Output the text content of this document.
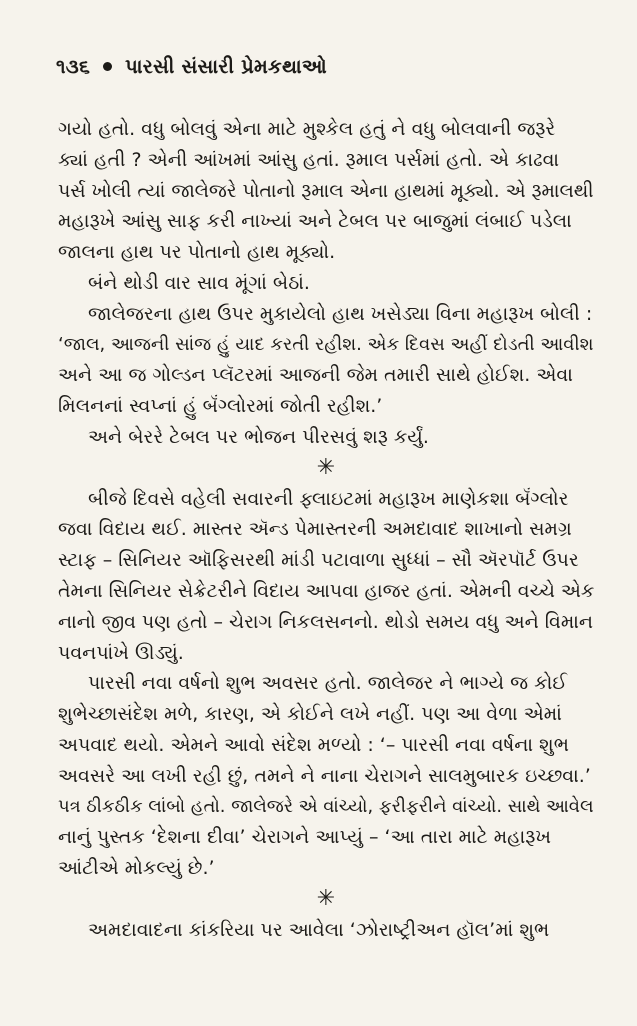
૧૩૬ પારસી સંસારી પ્રેમકથાઓ
ગયો હતો. વધુ બોલવું એના માટે મુશ્કેલ હતું ને વધુ બોલવાની જરૂરે
ક્યાં હતી ? એની આંખમાં આંસુ હતાં. રૂમાલ પર્સમાં હતો. એ કાઢવા
પર્સ ખોલી ત્યાં જાલેજરે પોતાનો રૂમાલ એના હાથમાં મૂક્યો. એ રૂમાલથી
મહારૂખે આંસુ સાફ કરી નાખ્યાં અને ટેબલ પર બાજુમાં લંબાઈ પડેલા
જાલના હાથ પર પોતાનો હાથ મૂક્યો.
બંને થોડી વાર સાવ મૂંગાં બેઠાં.
જાલેજરના હાથ ઉપર મુકાયેલો હાથ ખસેડ્યા વિના મહારૂખ બોલી :
‘જાલ, આજની સાંજ હું યાદ કરતી રહીશ. એક દિવસ અહીં દોડતી આવીશ
અને આ જ ગોલ્ડન પ્લૅટરમાં આજની જેમ તમારી સાથે હોઈશ. એવા
મિલનનાં સ્વપ્નાં હું બૅંગ્લોરમાં જોતી રહીશ.’
અને બેરરે ટેબલ પર ભોજન પીરસવું શરૂ કર્યું.
✳
બીજે દિવસે વહેલી સવારની ફ્લાઇટમાં મહારૂખ માણેકશા બૅંગ્લોર
જવા વિદાય થઈ. માસ્તર ઍન્ડ પેમાસ્તરની અમદાવાદ શાખાનો સમગ્ર
સ્ટાફ – સિનિયર ઑફિસરથી માંડી પટાવાળા સુધ્ધાં – સૌ ઍરપૉર્ટ ઉપર
તેમના સિનિયર સેક્રેટરીને વિદાય આપવા હાજર હતાં. એમની વચ્ચે એક
નાનો જીવ પણ હતો – ચેરાગ નિકલસનનો. થોડો સમય વધુ અને વિમાન
પવનપાંખે ઊડ્યું.
પારસી નવા વર્ષનો શુભ અવસર હતો. જાલેજર ને ભાગ્યે જ કોઈ
શુભેચ્છાસંદેશ મળે, કારણ, એ કોઈને લખે નહીં. પણ આ વેળા એમાં
અપવાદ થયો. એમને આવો સંદેશ મળ્યો : ‘– પારસી નવા વર્ષના શુભ
અવસરે આ લખી રહી છું, તમને ને નાના ચેરાગને સાલમુબારક ઇચ્છવા.’
પત્ર ઠીકઠીક લાંબો હતો. જાલેજરે એ વાંચ્યો, ફરીફરીને વાંચ્યો. સાથે આવેલ
નાનું પુસ્તક ‘દેશના દીવા’ ચેરાગને આપ્યું – ‘આ તારા માટે મહારૂખ
આંટીએ મોકલ્યું છે.’
✳
અમદાવાદના કાંકરિયા પર આવેલા ‘ઝોરાષ્ટ્રીઅન હૉલ’માં શુભ
